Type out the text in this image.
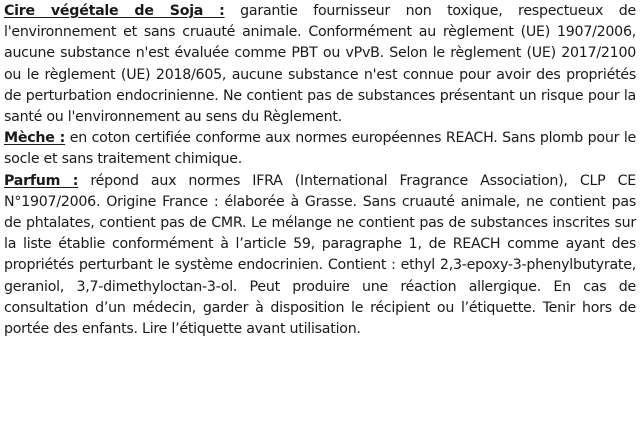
Cire végétale de Soja : garantie fournisseur non toxique, respectueux de l'environnement et sans cruauté animale. Conformément au règlement (UE) 1907/2006, aucune substance n'est évaluée comme PBT ou vPvB. Selon le règlement (UE) 2017/2100 ou le règlement (UE) 2018/605, aucune substance n'est connue pour avoir des propriétés de perturbation endocrinienne. Ne contient pas de substances présentant un risque pour la santé ou l'environnement au sens du Règlement.

Mèche : en coton certifiée conforme aux normes européennes REACH. Sans plomb pour le socle et sans traitement chimique.

Parfum : répond aux normes IFRA (International Fragrance Association), CLP CE N°1907/2006. Origine France : élaborée à Grasse. Sans cruauté animale, ne contient pas de phtalates, contient pas de CMR. Le mélange ne contient pas de substances inscrites sur la liste établie conformément à l’article 59, paragraphe 1, de REACH comme ayant des propriétés perturbant le système endocrinien. Contient : ethyl 2,3-epoxy-3-phenylbutyrate, geraniol, 3,7-dimethyloctan-3-ol. Peut produire une réaction allergique. En cas de consultation d’un médecin, garder à disposition le récipient ou l’étiquette. Tenir hors de portée des enfants. Lire l’étiquette avant utilisation.
